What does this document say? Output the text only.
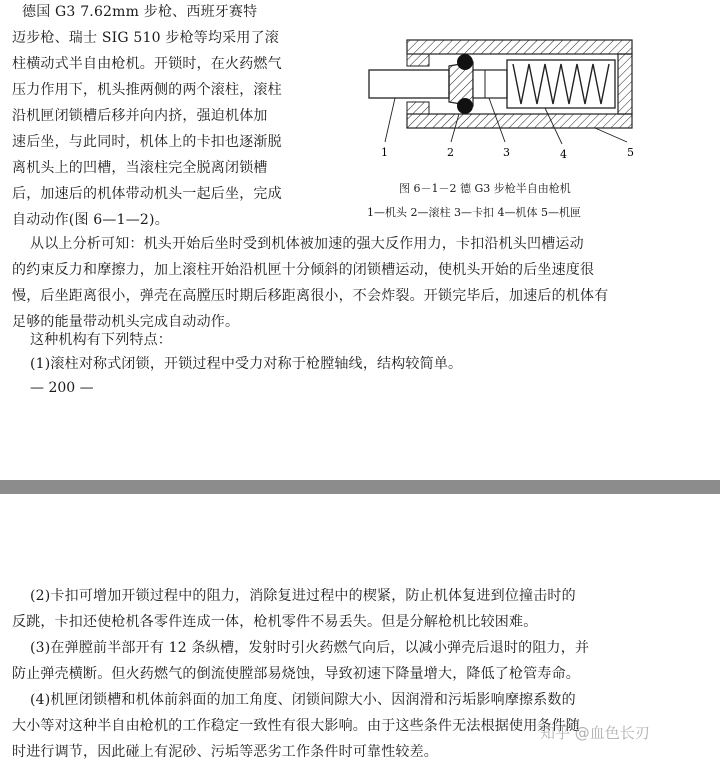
德国 G3 7.62mm 步枪、西班牙赛特
迈步枪、瑞士 SIG 510 步枪等均采用了滚
柱横动式半自由枪机。开锁时，在火药燃气
压力作用下，机头推两侧的两个滚柱，滚柱
沿机匣闭锁槽后移并向内挤，强迫机体加
速后坐，与此同时，机体上的卡扣也逐渐脱
离机头上的凹槽，当滚柱完全脱离闭锁槽
后，加速后的机体带动机头一起后坐，完成
自动动作(图 6—1—2)。
1	2	3	4	5
图 6－1－2 德 G3 步枪半自由枪机
1—机头 2—滚柱 3—卡扣 4—机体 5—机匣
从以上分析可知：机头开始后坐时受到机体被加速的强大反作用力，卡扣沿机头凹槽运动
的约束反力和摩擦力，加上滚柱开始沿机匣十分倾斜的闭锁槽运动，使机头开始的后坐速度很
慢，后坐距离很小，弹壳在高膛压时期后移距离很小，不会炸裂。开锁完毕后，加速后的机体有
足够的能量带动机头完成自动动作。
这种机构有下列特点：
(1)滚柱对称式闭锁，开锁过程中受力对称于枪膛轴线，结构较简单。
— 200 —
(2)卡扣可增加开锁过程中的阻力，消除复进过程中的楔紧，防止机体复进到位撞击时的
反跳，卡扣还使枪机各零件连成一体，枪机零件不易丢失。但是分解枪机比较困难。
(3)在弹膛前半部开有 12 条纵槽，发射时引火药燃气向后，以减小弹壳后退时的阻力，并
防止弹壳横断。但火药燃气的倒流使膛部易烧蚀，导致初速下降量增大，降低了枪管寿命。
(4)机匣闭锁槽和机体前斜面的加工角度、闭锁间隙大小、因润滑和污垢影响摩擦系数的
大小等对这种半自由枪机的工作稳定一致性有很大影响。由于这些条件无法根据使用条件随
时进行调节，因此碰上有泥砂、污垢等恶劣工作条件时可靠性较差。
知乎 @血色长刃
